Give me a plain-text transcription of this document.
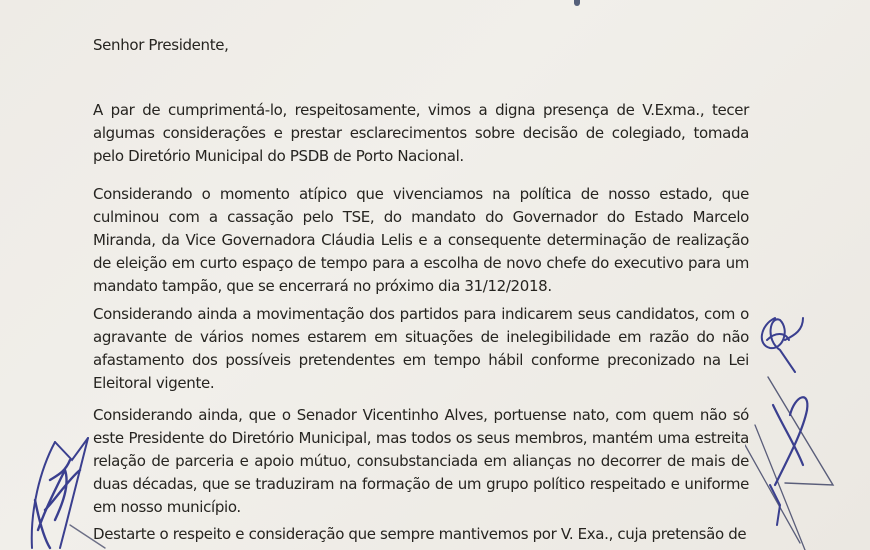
Senhor Presidente,

A par de cumprimentá-lo, respeitosamente, vimos a digna presença de V.Exma., tecer algumas considerações e prestar esclarecimentos sobre decisão de colegiado, tomada pelo Diretório Municipal do PSDB de Porto Nacional.

Considerando o momento atípico que vivenciamos na política de nosso estado, que culminou com a cassação pelo TSE, do mandato do Governador do Estado Marcelo Miranda, da Vice Governadora Cláudia Lelis e a consequente determinação de realização de eleição em curto espaço de tempo para a escolha de novo chefe do executivo para um mandato tampão, que se encerrará no próximo dia 31/12/2018.

Considerando ainda a movimentação dos partidos para indicarem seus candidatos, com o agravante de vários nomes estarem em situações de inelegibilidade em razão do não afastamento dos possíveis pretendentes em tempo hábil conforme preconizado na Lei Eleitoral vigente.

Considerando ainda, que o Senador Vicentinho Alves, portuense nato, com quem não só este Presidente do Diretório Municipal, mas todos os seus membros, mantém uma estreita relação de parceria e apoio mútuo, consubstanciada em alianças no decorrer de mais de duas décadas, que se traduziram na formação de um grupo político respeitado e uniforme em nosso município.

Destarte o respeito e consideração que sempre mantivemos por V. Exa., cuja pretensão de
